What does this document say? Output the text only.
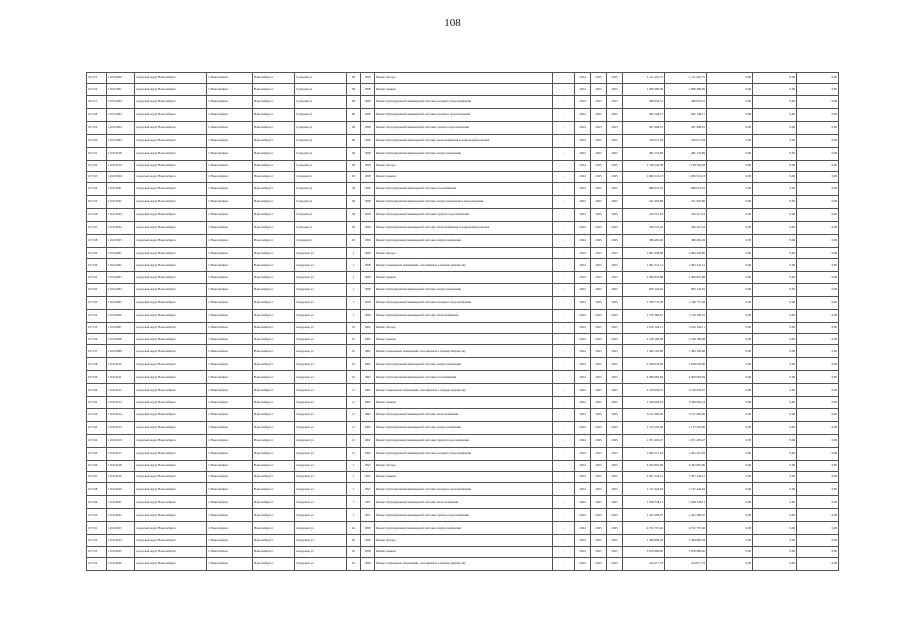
108
107115	110112900	городской округ Новосибирск	г. Новосибирск	Новосибирск г	Сухарная ул	90	1958	Ремонт фасада	-	2024	2025	2025	1 111 401,75	1 111 401,75	0,00	0,00	0,00
107116	110112901	городской округ Новосибирск	г. Новосибирск	Новосибирск г	Сухарная ул	90	1958	Ремонт крыши	-	2024	2025	2025	1 998 486,00	1 998 486,00	0,00	0,00	0,00
107117	110112902	городской округ Новосибирск	г. Новосибирск	Новосибирск г	Сухарная ул	90	1958	Ремонт внутридомовой инженерной системы холодного водоснабжения	-	2024	2025	2025	399 053,31	399 053,31	0,00	0,00	0,00
107118	110112903	городской округ Новосибирск	г. Новосибирск	Новосибирск г	Сухарная ул	90	1958	Ремонт внутридомовой инженерной системы холодного водоотведения	-	2024	2025	2025	282 148,17	282 148,17	0,00	0,00	0,00
107119	110112904	городской округ Новосибирск	г. Новосибирск	Новосибирск г	Сухарная ул	90	1958	Ремонт внутридомовой инженерной системы горячего водоснабжения	-	2024	2025	2025	267 998,22	267 998,22	0,00	0,00	0,00
107120	110112905	городской округ Новосибирск	г. Новосибирск	Новосибирск г	Сухарная ул	90	1958	Ремонт внутридомовой инженерной системы теплоснабжения и подвальной разводки	-	2024	2025	2025	329 071,94	329 071,94	0,00	0,00	0,00
107121	110113018	городской округ Новосибирск	г. Новосибирск	Новосибирск г	Сухарная ул	93	1958	Ремонт внутридомовой инженерной системы электроснабжения	-	2024	2025	2025	482 133,89	482 133,89	0,00	0,00	0,00
107122	110113019	городской округ Новосибирск	г. Новосибирск	Новосибирск г	Сухарная ул	93	1958	Ремонт фасада	-	2024	2025	2025	1 148 544,58	1 148 544,58	0,00	0,00	0,00
107123	110113020	городской округ Новосибирск	г. Новосибирск	Новосибирск г	Сухарная ул	93	1958	Ремонт крыши	-	2024	2025	2025	1 984 516,23	1 984 516,23	0,00	0,00	0,00
107124	110113021	городской округ Новосибирск	г. Новосибирск	Новосибирск г	Сухарная ул	93	1958	Ремонт внутридомовой инженерной системы газоснабжения	-	2024	2025	2025	688 016,55	688 016,55	0,00	0,00	0,00
107125	110113022	городской округ Новосибирск	г. Новосибирск	Новосибирск г	Сухарная ул	93	1958	Ремонт внутридомовой инженерной системы электроснабжения и водоотведения	-	2024	2025	2025	161 903,80	161 903,80	0,00	0,00	0,00
107126	110113023	городской округ Новосибирск	г. Новосибирск	Новосибирск г	Сухарная ул	93	1958	Ремонт внутридомовой инженерной системы горячего водоснабжения	-	2024	2025	2025	250 515,03	250 515,03	0,00	0,00	0,00
107127	110113024	городской округ Новосибирск	г. Новосибирск	Новосибирск г	Сухарная ул	93	1958	Ремонт внутридомовой инженерной системы теплоснабжения и подвальной разводки	-	2024	2025	2025	236 527,44	236 527,44	0,00	0,00	0,00
107128	110113025	городской округ Новосибирск	г. Новосибирск	Новосибирск г	Сухарная ул	93	1958	Ремонт внутридомовой инженерной системы электроснабжения	-	2024	2025	2025	386 482,26	386 482,26	0,00	0,00	0,00
107129	110114001	городской округ Новосибирск	г. Новосибирск	Новосибирск г	Свердлова ул	1	1958	Ремонт фасада	-	2024	2025	2025	1 892 458,00	1 892 458,00	0,00	0,00	0,00
107130	110114002	городской округ Новосибирск	г. Новосибирск	Новосибирск г	Свердлова ул	1	1958	Ремонт подвальных помещений, относящихся к общему имуществу	-	2024	2025	2025	1 962 341,12	1 962 341,12	0,00	0,00	0,00
107131	110114003	городской округ Новосибирск	г. Новосибирск	Новосибирск г	Свердлова ул	1	1958	Ремонт крыши	-	2024	2025	2025	2 306 852,88	2 306 852,88	0,00	0,00	0,00
107132	110114004	городской округ Новосибирск	г. Новосибирск	Новосибирск г	Свердлова ул	1	1958	Ремонт внутридомовой инженерной системы электроснабжения	-	2024	2025	2025	839 142,65	839 142,65	0,00	0,00	0,00
107133	110114005	городской округ Новосибирск	г. Новосибирск	Новосибирск г	Свердлова ул	1	1958	Ремонт внутридомовой инженерной системы холодного водоснабжения	-	2024	2025	2025	1 198 731,58	1 198 731,58	0,00	0,00	0,00
107134	110114006	городской округ Новосибирск	г. Новосибирск	Новосибирск г	Свердлова ул	1	1958	Ремонт внутридомовой инженерной системы теплоснабжения	-	2024	2025	2025	1 159 360,91	1 159 360,91	0,00	0,00	0,00
107135	110114007	городской округ Новосибирск	г. Новосибирск	Новосибирск г	Свердлова ул	10	1962	Ремонт фасада	-	2024	2025	2025	2 016 164,11	2 016 164,11	0,00	0,00	0,00
107136	110114008	городской округ Новосибирск	г. Новосибирск	Новосибирск г	Свердлова ул	10	1962	Ремонт крыши	-	2024	2025	2025	2 148 180,68	2 148 180,68	0,00	0,00	0,00
107137	110114009	городской округ Новосибирск	г. Новосибирск	Новосибирск г	Свердлова ул	10	1962	Ремонт подвальных помещений, относящихся к общему имуществу	-	2024	2025	2025	1 490 162,86	1 490 162,86	0,00	0,00	0,00
107138	110114010	городской округ Новосибирск	г. Новосибирск	Новосибирск г	Свердлова ул	10	1962	Ремонт внутридомовой инженерной системы электроснабжения	-	2024	2025	2025	2 038 678,00	2 038 678,00	0,00	0,00	0,00
107139	110114011	городской округ Новосибирск	г. Новосибирск	Новосибирск г	Свердлова ул	10	1962	Ремонт внутридомовой инженерной системы газоснабжения	-	2024	2025	2025	4 969 082,84	4 969 082,84	0,00	0,00	0,00
107140	110114012	городской округ Новосибирск	г. Новосибирск	Новосибирск г	Свердлова ул	11	1962	Ремонт подвальных помещений, относящихся к общему имуществу	-	2024	2025	2025	2 218 659,47	2 218 659,47	0,00	0,00	0,00
107141	110114013	городской округ Новосибирск	г. Новосибирск	Новосибирск г	Свердлова ул	11	1962	Ремонт крыши	-	2024	2025	2025	3 349 994,23	3 349 994,23	0,00	0,00	0,00
107142	110114014	городской округ Новосибирск	г. Новосибирск	Новосибирск г	Свердлова ул	11	1962	Ремонт внутридомовой инженерной системы теплоснабжения	-	2024	2025	2025	5 211 960,00	5 211 960,00	0,00	0,00	0,00
107143	110114015	городской округ Новосибирск	г. Новосибирск	Новосибирск г	Свердлова ул	11	1962	Ремонт внутридомовой инженерной системы электроснабжения	-	2024	2025	2025	1 135 293,66	1 135 293,66	0,00	0,00	0,00
107144	110114016	городской округ Новосибирск	г. Новосибирск	Новосибирск г	Свердлова ул	11	1962	Ремонт внутридомовой инженерной системы горячего водоснабжения	-	2024	2025	2025	1 971 405,47	1 971 405,47	0,00	0,00	0,00
107145	110114017	городской округ Новосибирск	г. Новосибирск	Новосибирск г	Свердлова ул	11	1962	Ремонт внутридомовой инженерной системы холодного водоснабжения	-	2024	2025	2025	1 605 215,93	1 605 215,93	0,00	0,00	0,00
107146	110114018	городской округ Новосибирск	г. Новосибирск	Новосибирск г	Свердлова ул	7	1957	Ремонт фасада	-	2024	2025	2025	6 262 862,96	6 262 862,96	0,00	0,00	0,00
107147	110114019	городской округ Новосибирск	г. Новосибирск	Новосибирск г	Свердлова ул	7	1957	Ремонт крыши	-	2024	2025	2025	5 307 344,21	5 307 344,21	0,00	0,00	0,00
107148	110114020	городской округ Новосибирск	г. Новосибирск	Новосибирск г	Свердлова ул	7	1957	Ремонт внутридомовой инженерной системы холодного водоснабжения	-	2024	2025	2025	1 127 444,63	1 127 444,63	0,00	0,00	0,00
107149	110114021	городской округ Новосибирск	г. Новосибирск	Новосибирск г	Свердлова ул	7	1957	Ремонт внутридомовой инженерной системы теплоснабжения	-	2024	2025	2025	1 069 328,11	1 069 328,11	0,00	0,00	0,00
107150	110114022	городской округ Новосибирск	г. Новосибирск	Новосибирск г	Свердлова ул	7	1957	Ремонт внутридомовой инженерной системы горячего водоснабжения	-	2024	2025	2025	1 452 266,07	1 452 266,07	0,00	0,00	0,00
107151	110114023	городской округ Новосибирск	г. Новосибирск	Новосибирск г	Свердлова ул	9а	1958	Ремонт внутридомовой инженерной системы электроснабжения	-	2024	2025	2025	4 752 767,46	4 752 767,46	0,00	0,00	0,00
107152	110114024	городской округ Новосибирск	г. Новосибирск	Новосибирск г	Свердлова ул	9а	1958	Ремонт фасада	-	2024	2025	2025	1 589 890,28	1 589 890,28	0,00	0,00	0,00
107153	110114025	городской округ Новосибирск	г. Новосибирск	Новосибирск г	Свердлова ул	9а	1958	Ремонт крыши	-	2024	2025	2025	3 678 986,40	3 678 986,40	0,00	0,00	0,00
107154	110114026	городской округ Новосибирск	г. Новосибирск	Новосибирск г	Свердлова ул	9а	1958	Ремонт подвальных помещений, относящихся к общему имуществу	-	2024	2025	2025	414 617,33	414 617,33	0,00	0,00	0,00
